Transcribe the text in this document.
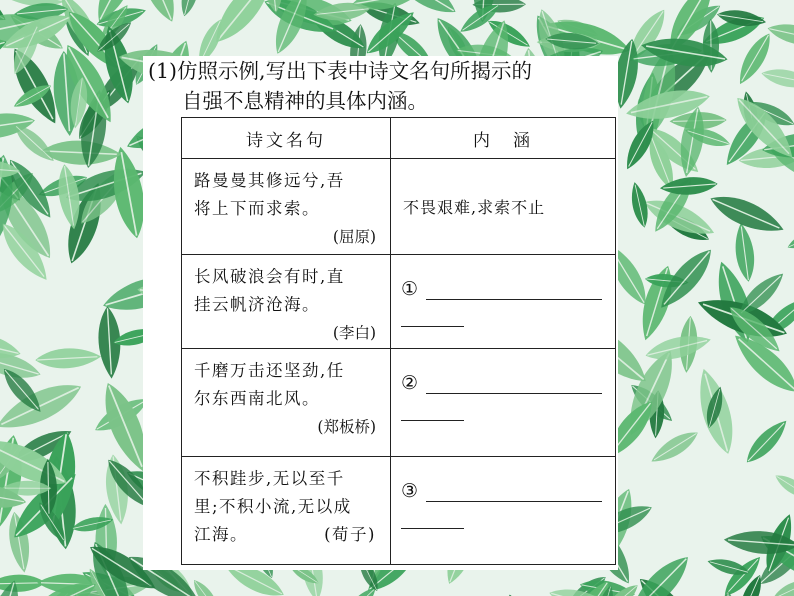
(1)仿照示例,写出下表中诗文名句所揭示的
自强不息精神的具体内涵。
诗文名句	内　涵

路曼曼其修远兮,吾
将上下而求索。
(屈原)	不畏艰难,求索不止

长风破浪会有时,直
挂云帆济沧海。
(李白)	①

千磨万击还坚劲,任
尔东西南北风。
(郑板桥)	②

不积跬步,无以至千
里;不积小流,无以成
江海。 (荀子)	③
